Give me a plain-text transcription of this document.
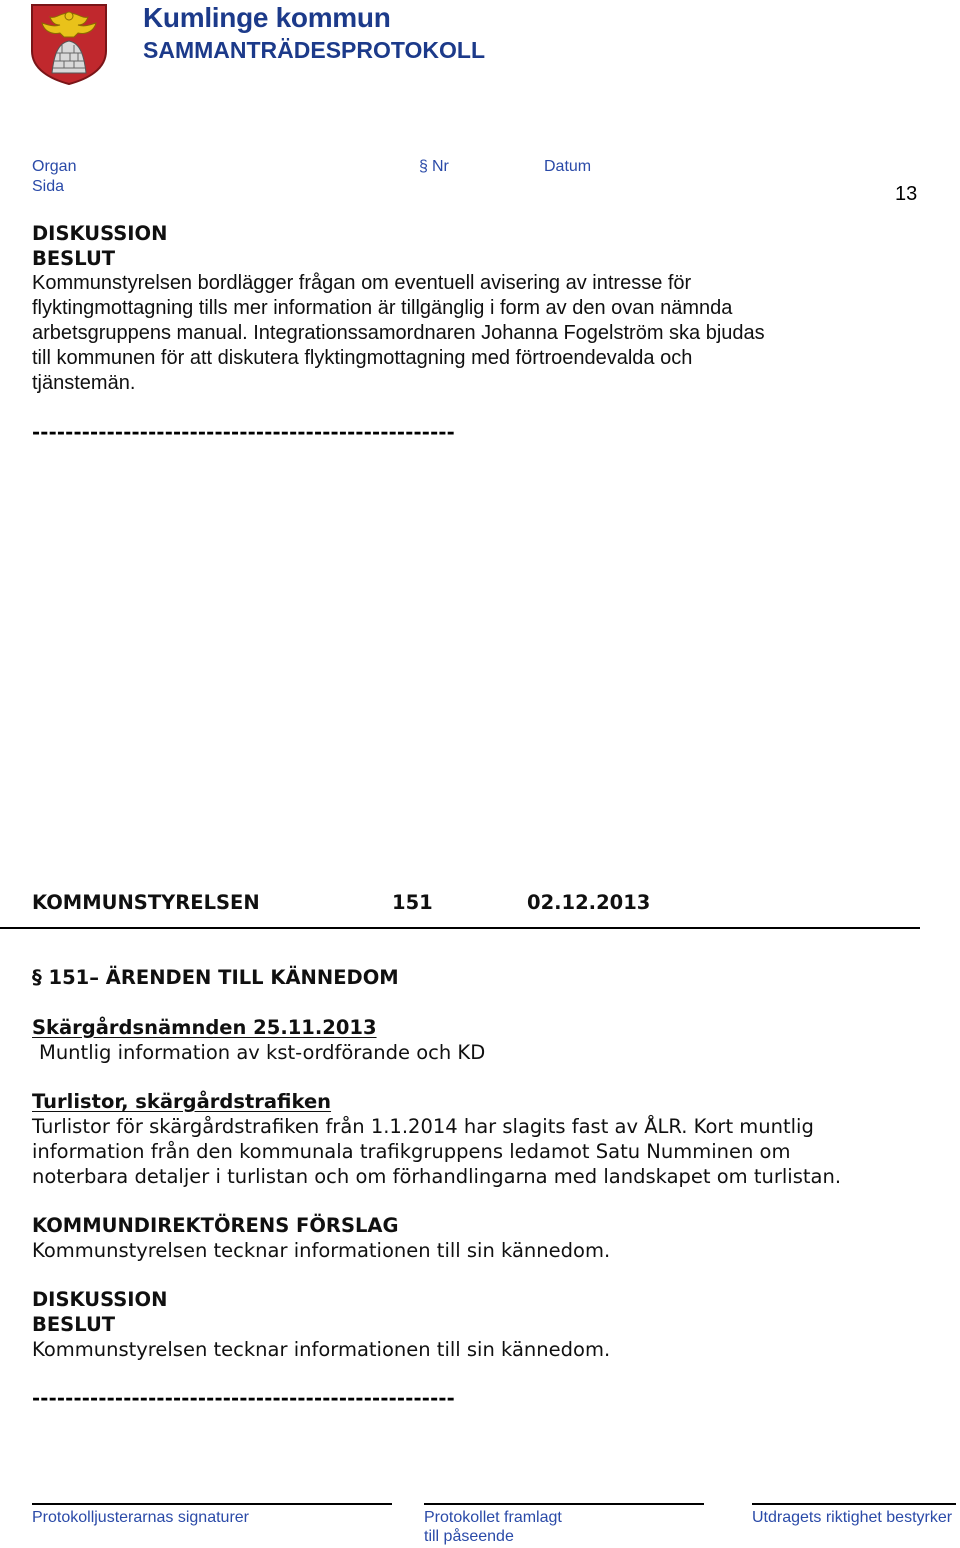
Kumlinge kommun
SAMMANTRÄDESPROTOKOLL
Organ	§ Nr	Datum
Sida	13
DISKUSSION
BESLUT
Kommunstyrelsen bordlägger frågan om eventuell avisering av intresse för
flyktingmottagning tills mer information är tillgänglig i form av den ovan nämnda
arbetsgruppens manual. Integrationssamordnaren Johanna Fogelström ska bjudas
till kommunen för att diskutera flyktingmottagning med förtroendevalda och
tjänstemän.
---------------------------------------------------
KOMMUNSTYRELSEN	151	02.12.2013
§ 151– ÄRENDEN TILL KÄNNEDOM
Skärgårdsnämnden 25.11.2013
Muntlig information av kst-ordförande och KD
Turlistor, skärgårdstrafiken
Turlistor för skärgårdstrafiken från 1.1.2014 har slagits fast av ÅLR. Kort muntlig
information från den kommunala trafikgruppens ledamot Satu Numminen om
noterbara detaljer i turlistan och om förhandlingarna med landskapet om turlistan.
KOMMUNDIREKTÖRENS FÖRSLAG
Kommunstyrelsen tecknar informationen till sin kännedom.
DISKUSSION
BESLUT
Kommunstyrelsen tecknar informationen till sin kännedom.
---------------------------------------------------
Protokolljusterarnas signaturer	Protokollet framlagt
till påseende
Utdragets riktighet bestyrker
